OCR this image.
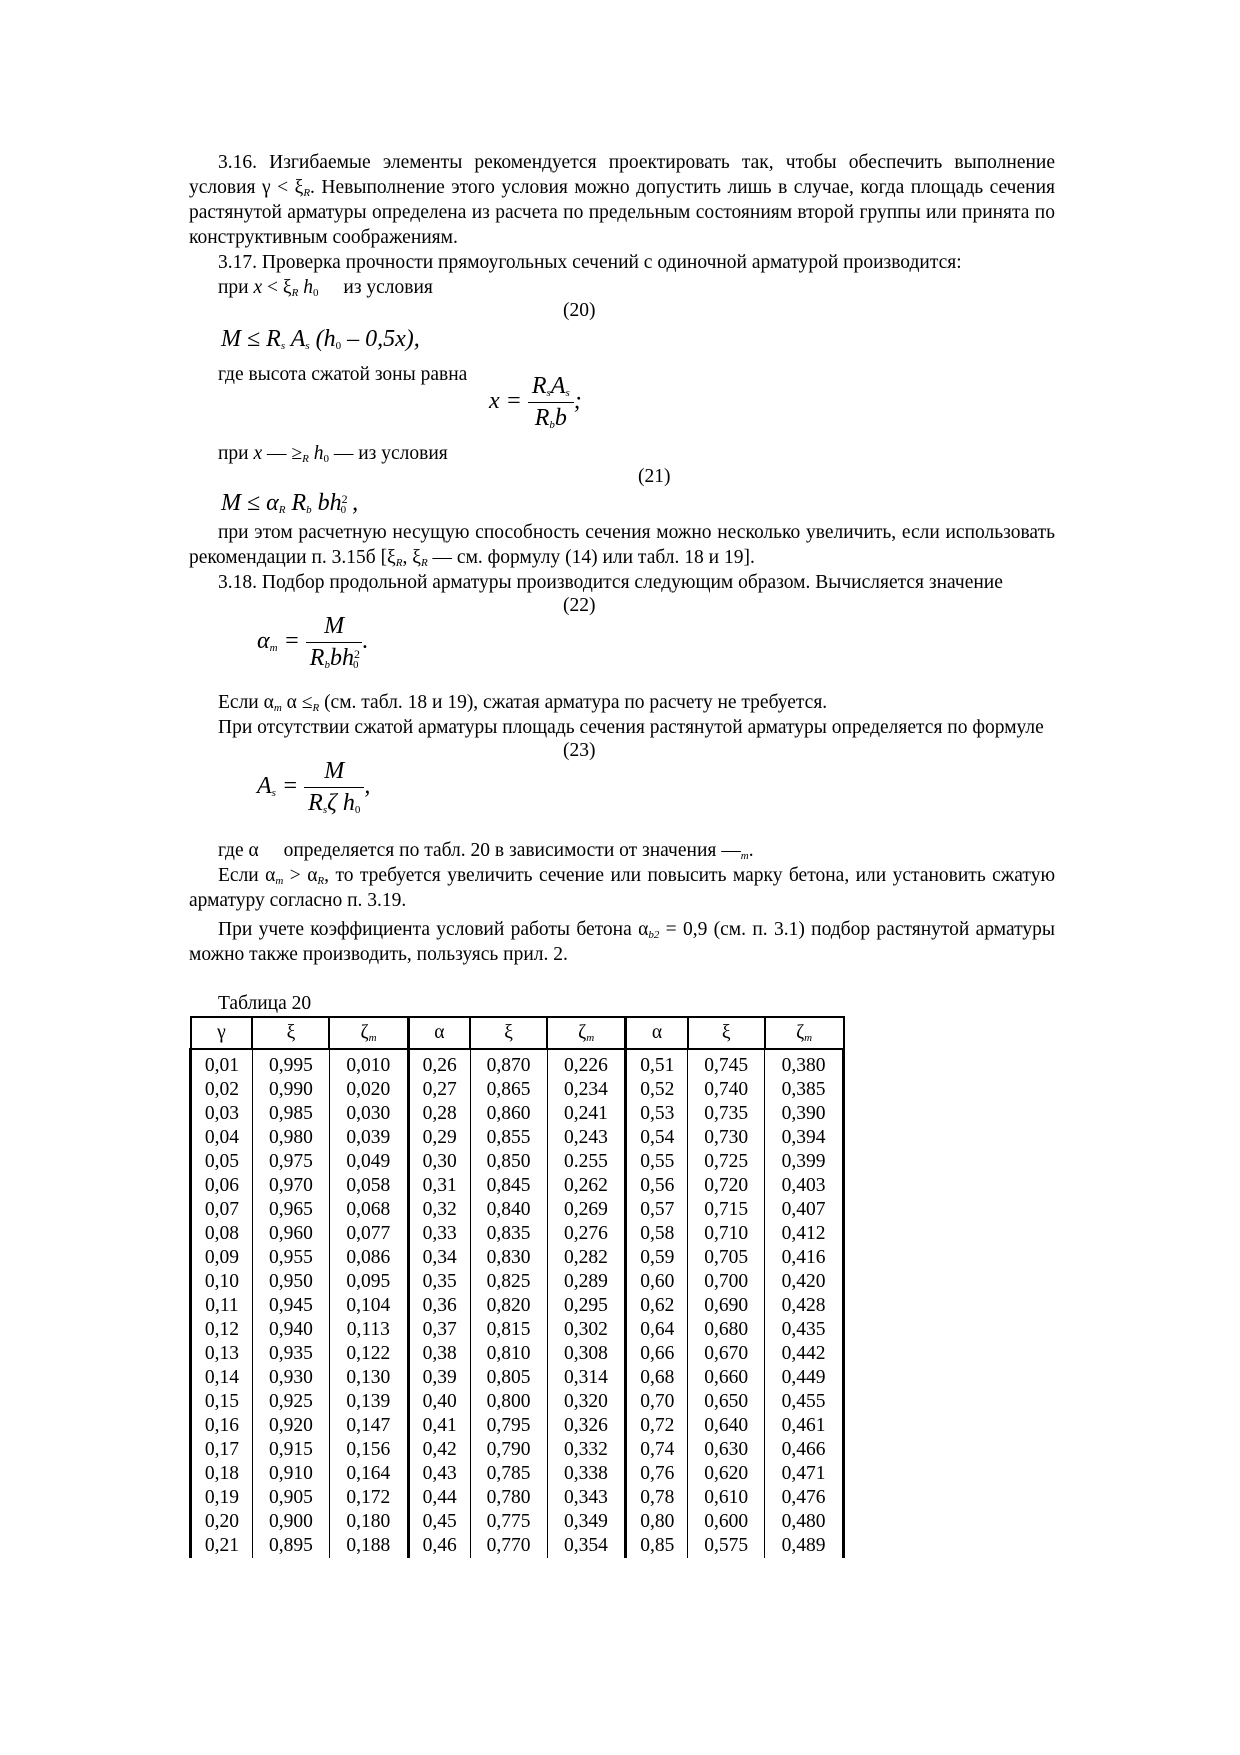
3.16. Изгибаемые элементы рекомендуется проектировать так, чтобы обеспечить выполнение условия $\gamma < \xi_R$. Невыполнение этого условия можно допустить лишь в случае, когда площадь сечения растянутой арматуры определена из расчета по предельным состояниям второй группы или принята по конструктивным соображениям.

3.17. Проверка прочности прямоугольных сечений с одиночной арматурой производится:

при $x < \xi_R$ $h_0$   из условия

(20)
$M \le R_s$ $A_s$ $(h_0 - 0,5x)$,

где высота сжатой зоны равна

$x = \frac{R_sA_s}{R_bb}$ ;

при x — $\ge_R$ $h_0$ — из условия

(21)
$M \le \alpha_R$ $R_b$ $bh^2_0$ ,

при этом расчетную несущую способность сечения можно несколько увеличить, если использовать рекомендации п. 3.15б [$\xi_R$, $\xi_R$ — см. формулу (14) или табл. 18 и 19].

3.18. Подбор продольной арматуры производится следующим образом. Вычисляется значение

(22)
$\alpha_m = \frac{M}{R_bbh^2_0}$ .

Если $\alpha_m$ $\alpha \le_R$ (см. табл. 18 и 19), сжатая арматура по расчету не требуется.

При отсутствии сжатой арматуры площадь сечения растянутой арматуры определяется по формуле

(23)
$A_s = \frac{M}{R_s\zeta h_0}$ ,

где α   определяется по табл. 20 в зависимости от значения $—_m$.

Если $\alpha_m > \alpha_R$, то требуется увеличить сечение или повысить марку бетона, или установить сжатую арматуру согласно п. 3.19.

При учете коэффициента условий работы бетона $\alpha_{b2} = 0,9$ (см. п. 3.1) подбор растянутой арматуры можно также производить, пользуясь прил. 2.

Таблица 20

γ	ξ	$\zeta_m$	α	ξ	$\zeta_m$	α	ξ	$\zeta_m$
0,01	0,995	0,010	0,26	0,870	0,226	0,51	0,745	0,380
0,02	0,990	0,020	0,27	0,865	0,234	0,52	0,740	0,385
0,03	0,985	0,030	0,28	0,860	0,241	0,53	0,735	0,390
0,04	0,980	0,039	0,29	0,855	0,243	0,54	0,730	0,394
0,05	0,975	0,049	0,30	0,850	0.255	0,55	0,725	0,399
0,06	0,970	0,058	0,31	0,845	0,262	0,56	0,720	0,403
0,07	0,965	0,068	0,32	0,840	0,269	0,57	0,715	0,407
0,08	0,960	0,077	0,33	0,835	0,276	0,58	0,710	0,412
0,09	0,955	0,086	0,34	0,830	0,282	0,59	0,705	0,416
0,10	0,950	0,095	0,35	0,825	0,289	0,60	0,700	0,420
0,11	0,945	0,104	0,36	0,820	0,295	0,62	0,690	0,428
0,12	0,940	0,113	0,37	0,815	0,302	0,64	0,680	0,435
0,13	0,935	0,122	0,38	0,810	0,308	0,66	0,670	0,442
0,14	0,930	0,130	0,39	0,805	0,314	0,68	0,660	0,449
0,15	0,925	0,139	0,40	0,800	0,320	0,70	0,650	0,455
0,16	0,920	0,147	0,41	0,795	0,326	0,72	0,640	0,461
0,17	0,915	0,156	0,42	0,790	0,332	0,74	0,630	0,466
0,18	0,910	0,164	0,43	0,785	0,338	0,76	0,620	0,471
0,19	0,905	0,172	0,44	0,780	0,343	0,78	0,610	0,476
0,20	0,900	0,180	0,45	0,775	0,349	0,80	0,600	0,480
0,21	0,895	0,188	0,46	0,770	0,354	0,85	0,575	0,489
